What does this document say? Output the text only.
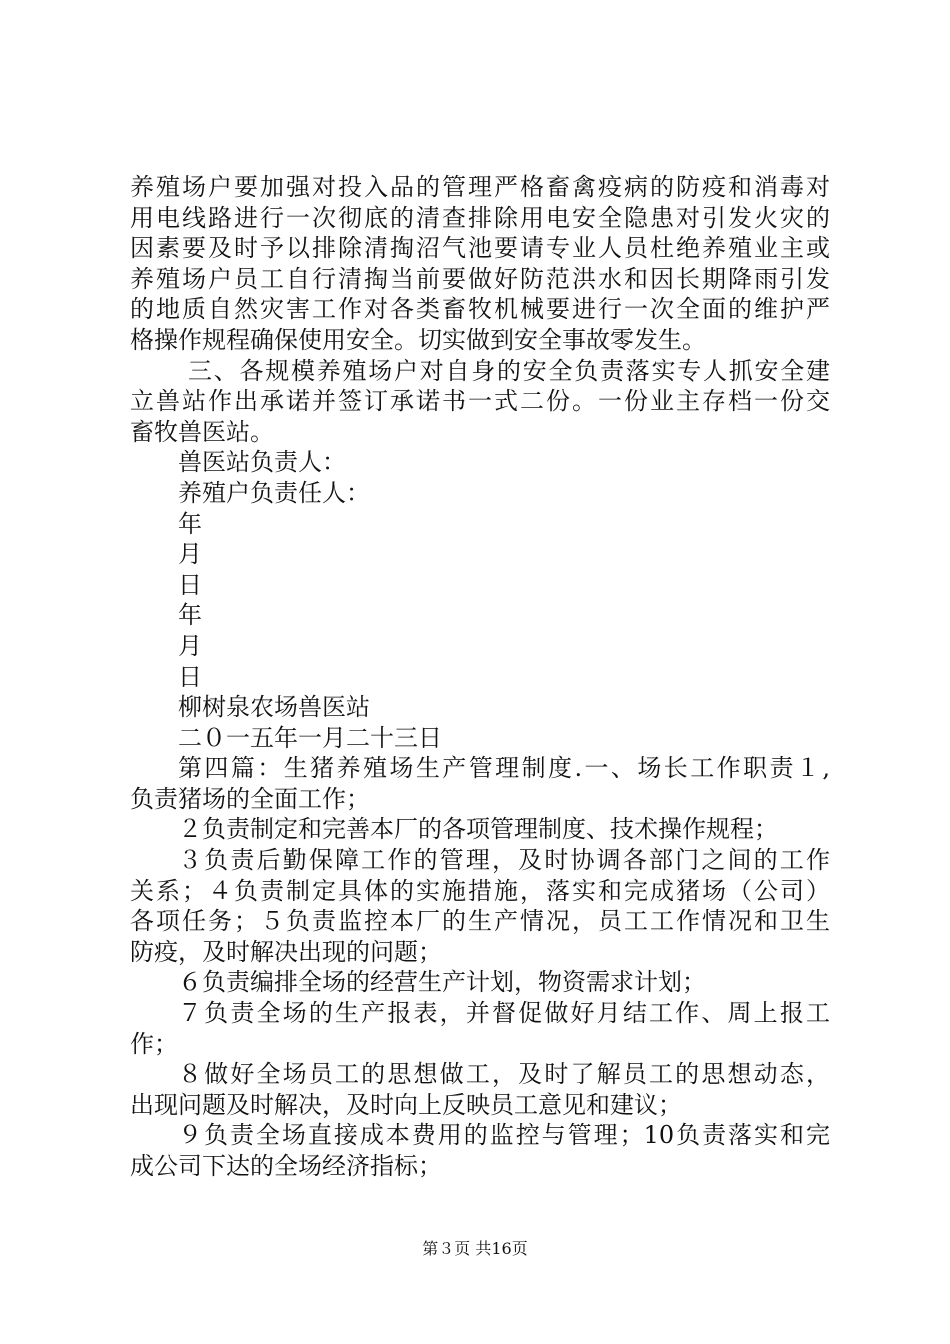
养殖场户要加强对投入品的管理严格畜禽疫病的防疫和消毒对
用电线路进行一次彻底的清查排除用电安全隐患对引发火灾的
因素要及时予以排除清掏沼气池要请专业人员杜绝养殖业主或
养殖场户员工自行清掏当前要做好防范洪水和因长期降雨引发
的地质自然灾害工作对各类畜牧机械要进行一次全面的维护严
格操作规程确保使用安全。切实做到安全事故零发生。
三、各规模养殖场户对自身的安全负责落实专人抓安全建
立兽站作出承诺并签订承诺书一式二份。一份业主存档一份交
畜牧兽医站。
兽医站负责人：
养殖户负责任人：
年
月
日
年
月
日
柳树泉农场兽医站
二０一五年一月二十三日
第四篇：生猪养殖场生产管理制度.一、场长工作职责１,
负责猪场的全面工作；
２负责制定和完善本厂的各项管理制度、技术操作规程；
３负责后勤保障工作的管理，及时协调各部门之间的工作
关系；４负责制定具体的实施措施，落实和完成猪场（公司）
各项任务；５负责监控本厂的生产情况，员工工作情况和卫生
防疫，及时解决出现的问题；
６负责编排全场的经营生产计划，物资需求计划；
７负责全场的生产报表，并督促做好月结工作、周上报工
作；
８做好全场员工的思想做工，及时了解员工的思想动态，
出现问题及时解决，及时向上反映员工意见和建议；
９负责全场直接成本费用的监控与管理；10负责落实和完
成公司下达的全场经济指标；
第３页 共16页
